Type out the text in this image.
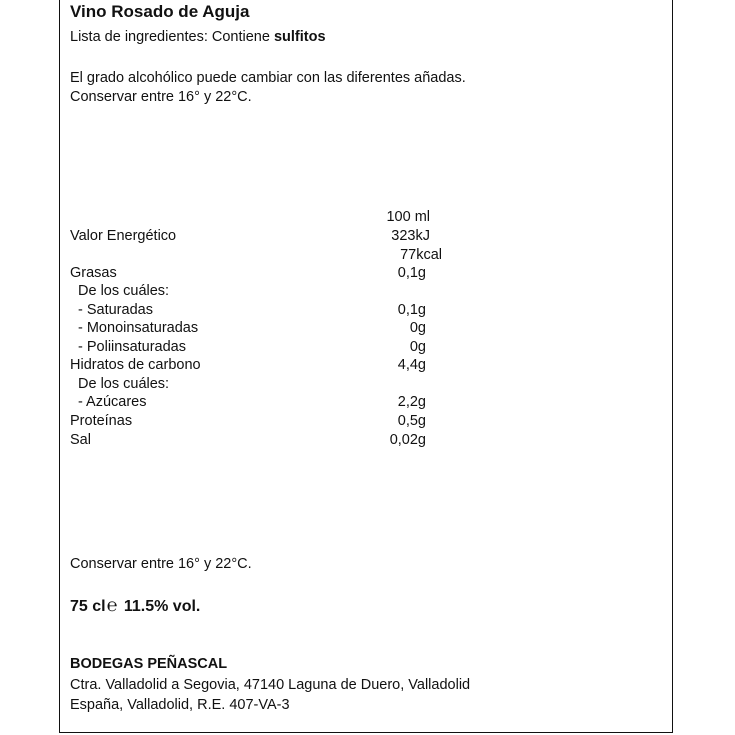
Vino Rosado de Aguja
Lista de ingredientes: Contiene sulfitos
El grado alcohólico puede cambiar con las diferentes añadas.
Conservar entre 16° y 22°C.
100 ml
Valor Energético	323kJ
77kcal
Grasas	0,1g
De los cuáles:
- Saturadas	0,1g
- Monoinsaturadas	0g
- Poliinsaturadas	0g
Hidratos de carbono	4,4g
De los cuáles:
- Azúcares	2,2g
Proteínas	0,5g
Sal	0,02g
Conservar entre 16° y 22°C.
75 cl℮ 11.5% vol.
BODEGAS PEÑASCAL
Ctra. Valladolid a Segovia, 47140 Laguna de Duero, Valladolid
España, Valladolid, R.E. 407-VA-3
